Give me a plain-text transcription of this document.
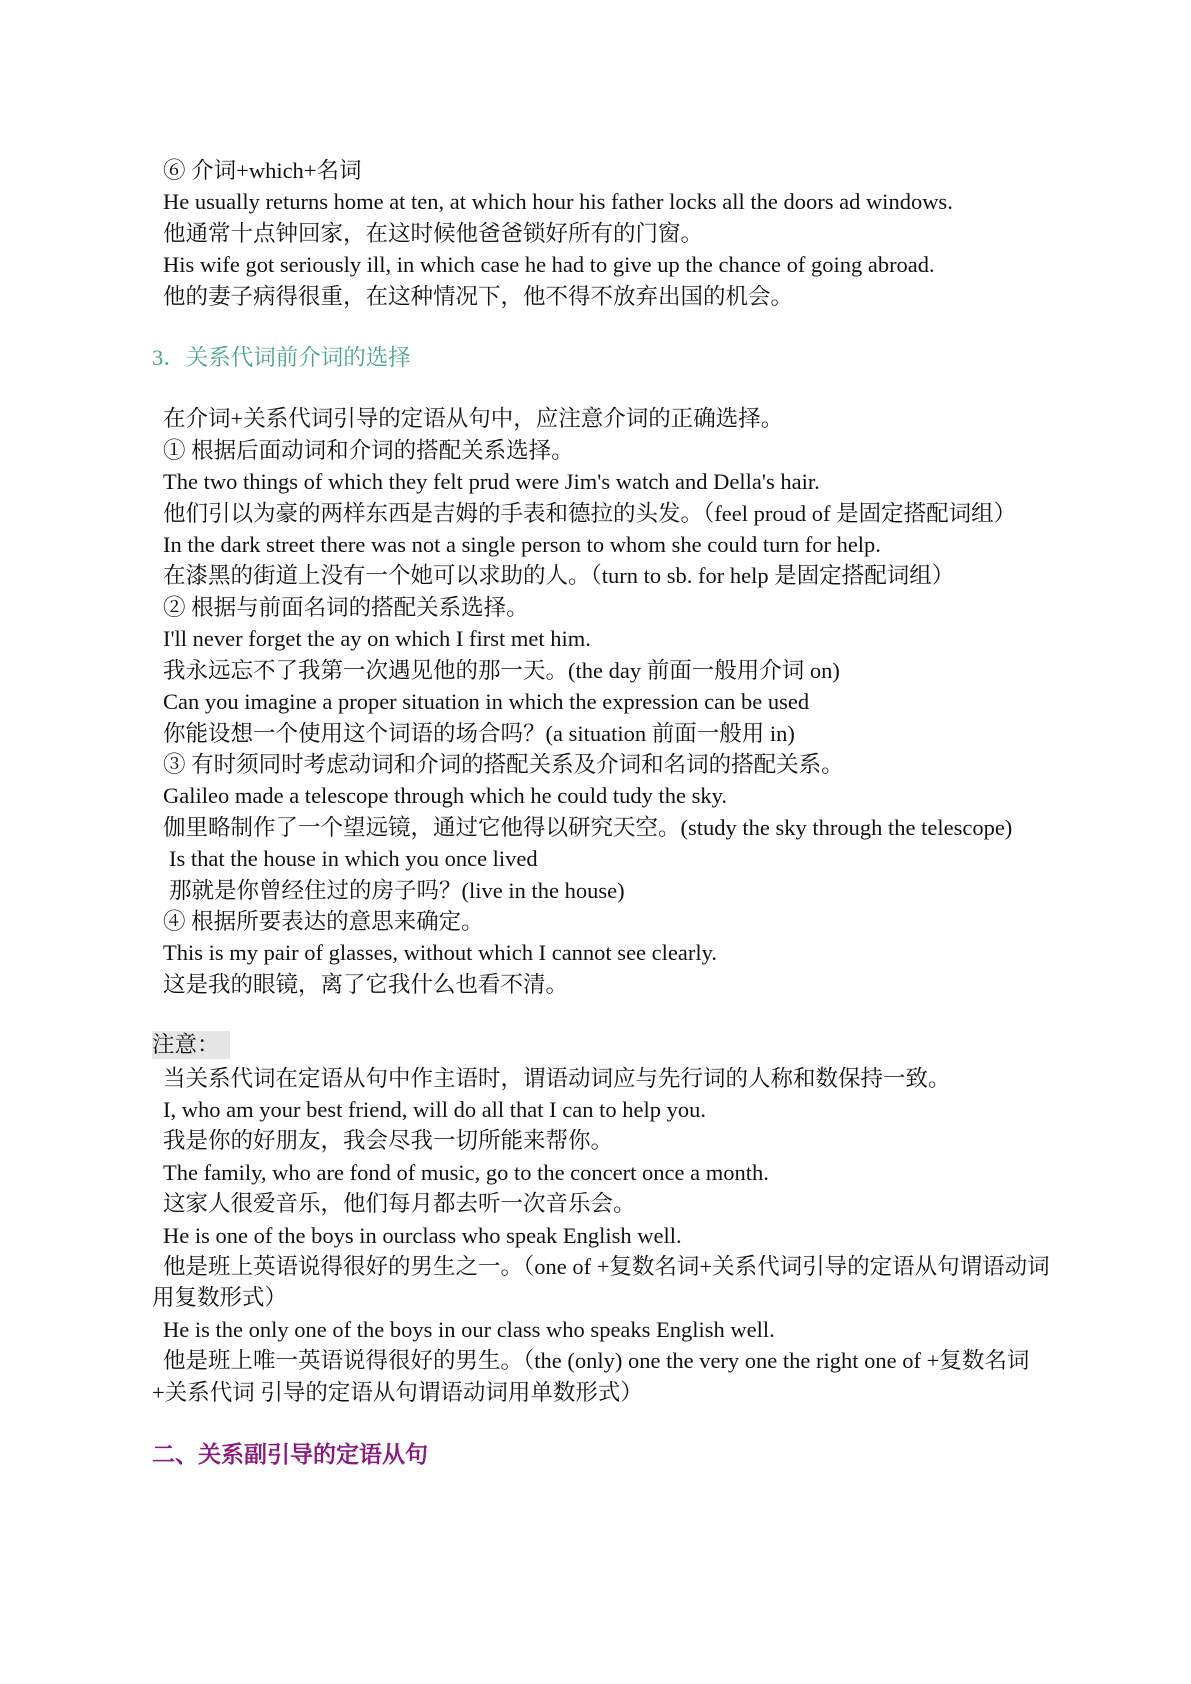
⑥ 介词+which+名词
He usually returns home at ten, at which hour his father locks all the doors ad windows.
他通常十点钟回家，在这时候他爸爸锁好所有的门窗。
His wife got seriously ill, in which case he had to give up the chance of going abroad.
他的妻子病得很重，在这种情况下，他不得不放弃出国的机会。
3．关系代词前介词的选择
在介词+关系代词引导的定语从句中，应注意介词的正确选择。
① 根据后面动词和介词的搭配关系选择。
The two things of which they felt prud were Jim's watch and Della's hair.
他们引以为豪的两样东西是吉姆的手表和德拉的头发。（feel proud of 是固定搭配词组）
In the dark street there was not a single person to whom she could turn for help.
在漆黑的街道上没有一个她可以求助的人。（turn to sb. for help 是固定搭配词组）
② 根据与前面名词的搭配关系选择。
I'll never forget the ay on which I first met him.
我永远忘不了我第一次遇见他的那一天。(the day 前面一般用介词 on)
Can you imagine a proper situation in which the expression can be used
你能设想一个使用这个词语的场合吗？(a situation 前面一般用 in)
③ 有时须同时考虑动词和介词的搭配关系及介词和名词的搭配关系。
Galileo made a telescope through which he could tudy the sky.
伽里略制作了一个望远镜，通过它他得以研究天空。(study the sky through the telescope)
Is that the house in which you once lived
那就是你曾经住过的房子吗？(live in the house)
④ 根据所要表达的意思来确定。
This is my pair of glasses, without which I cannot see clearly.
这是我的眼镜，离了它我什么也看不清。
注意：
当关系代词在定语从句中作主语时，谓语动词应与先行词的人称和数保持一致。
I, who am your best friend, will do all that I can to help you.
我是你的好朋友，我会尽我一切所能来帮你。
The family, who are fond of music, go to the concert once a month.
这家人很爱音乐，他们每月都去听一次音乐会。
He is one of the boys in ourclass who speak English well.
他是班上英语说得很好的男生之一。（one of +复数名词+关系代词引导的定语从句谓语动词用复数形式）
He is the only one of the boys in our class who speaks English well.
他是班上唯一英语说得很好的男生。（the (only) one the very one the right one of +复数名词+关系代词 引导的定语从句谓语动词用单数形式）
二、关系副引导的定语从句
